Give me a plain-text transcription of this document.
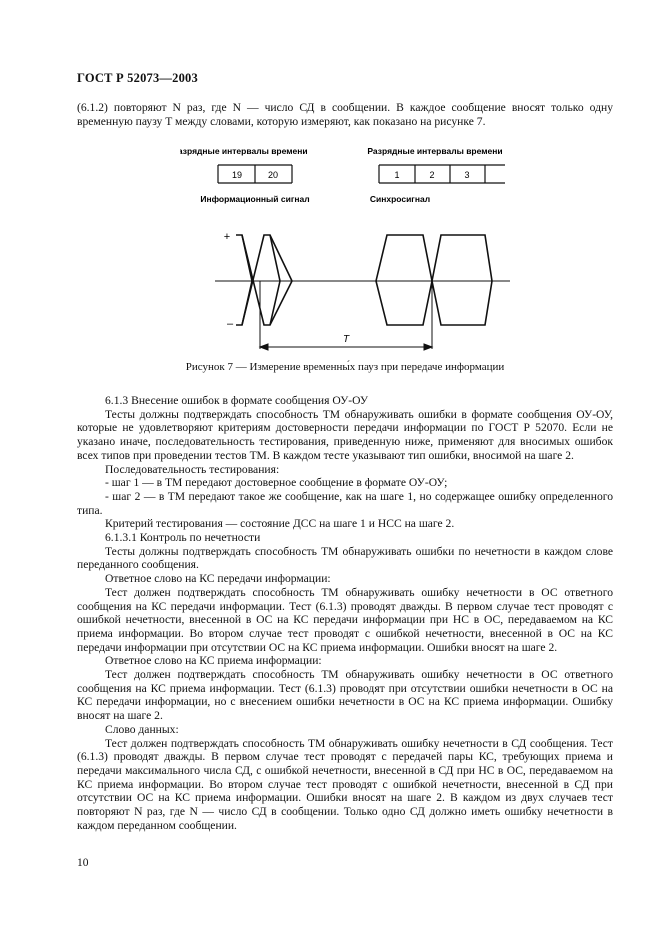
ГОСТ Р 52073—2003

(6.1.2) повторяют N раз, где N — число СД в сообщении. В каждое сообщение вносят только одну временную паузу T между словами, которую измеряют, как показано на рисунке 7.

Разрядные интервалы времени	Разрядные интервалы времени
19	20	1	2	3
Информационный сигнал	Синхросигнал
+
–
T
Рисунок 7 — Измерение временны́х пауз при передаче информации

6.1.3 Внесение ошибок в формате сообщения ОУ-ОУ

Тесты должны подтверждать способность ТМ обнаруживать ошибки в формате сообщения ОУ-ОУ, которые не удовлетворяют критериям достоверности передачи информации по ГОСТ Р 52070. Если не указано иначе, последовательность тестирования, приведенную ниже, применяют для вносимых ошибок всех типов при проведении тестов ТМ. В каждом тесте указывают тип ошибки, вносимой на шаге 2.

Последовательность тестирования:

- шаг 1 — в ТМ передают достоверное сообщение в формате ОУ-ОУ;

- шаг 2 — в ТМ передают такое же сообщение, как на шаге 1, но содержащее ошибку определенного типа.

Критерий тестирования — состояние ДСС на шаге 1 и НСС на шаге 2.

6.1.3.1 Контроль по нечетности

Тесты должны подтверждать способность ТМ обнаруживать ошибки по нечетности в каждом слове переданного сообщения.

Ответное слово на КС передачи информации:

Тест должен подтверждать способность ТМ обнаруживать ошибку нечетности в ОС ответного сообщения на КС передачи информации. Тест (6.1.3) проводят дважды. В первом случае тест проводят с ошибкой нечетности, внесенной в ОС на КС передачи информации при НС в ОС, передаваемом на КС приема информации. Во втором случае тест проводят с ошибкой нечетности, внесенной в ОС на КС передачи информации при отсутствии ОС на КС приема информации. Ошибки вносят на шаге 2.

Ответное слово на КС приема информации:

Тест должен подтверждать способность ТМ обнаруживать ошибку нечетности в ОС ответного сообщения на КС приема информации. Тест (6.1.3) проводят при отсутствии ошибки нечетности в ОС на КС передачи информации, но с внесением ошибки нечетности в ОС на КС приема информации. Ошибку вносят на шаге 2.

Слово данных:

Тест должен подтверждать способность ТМ обнаруживать ошибку нечетности в СД сообщения. Тест (6.1.3) проводят дважды. В первом случае тест проводят с передачей пары КС, требующих приема и передачи максимального числа СД, с ошибкой нечетности, внесенной в СД при НС в ОС, передаваемом на КС приема информации. Во втором случае тест проводят с ошибкой нечетности, внесенной в СД при отсутствии ОС на КС приема информации. Ошибки вносят на шаге 2. В каждом из двух случаев тест повторяют N раз, где N — число СД в сообщении. Только одно СД должно иметь ошибку нечетности в каждом переданном сообщении.

10
